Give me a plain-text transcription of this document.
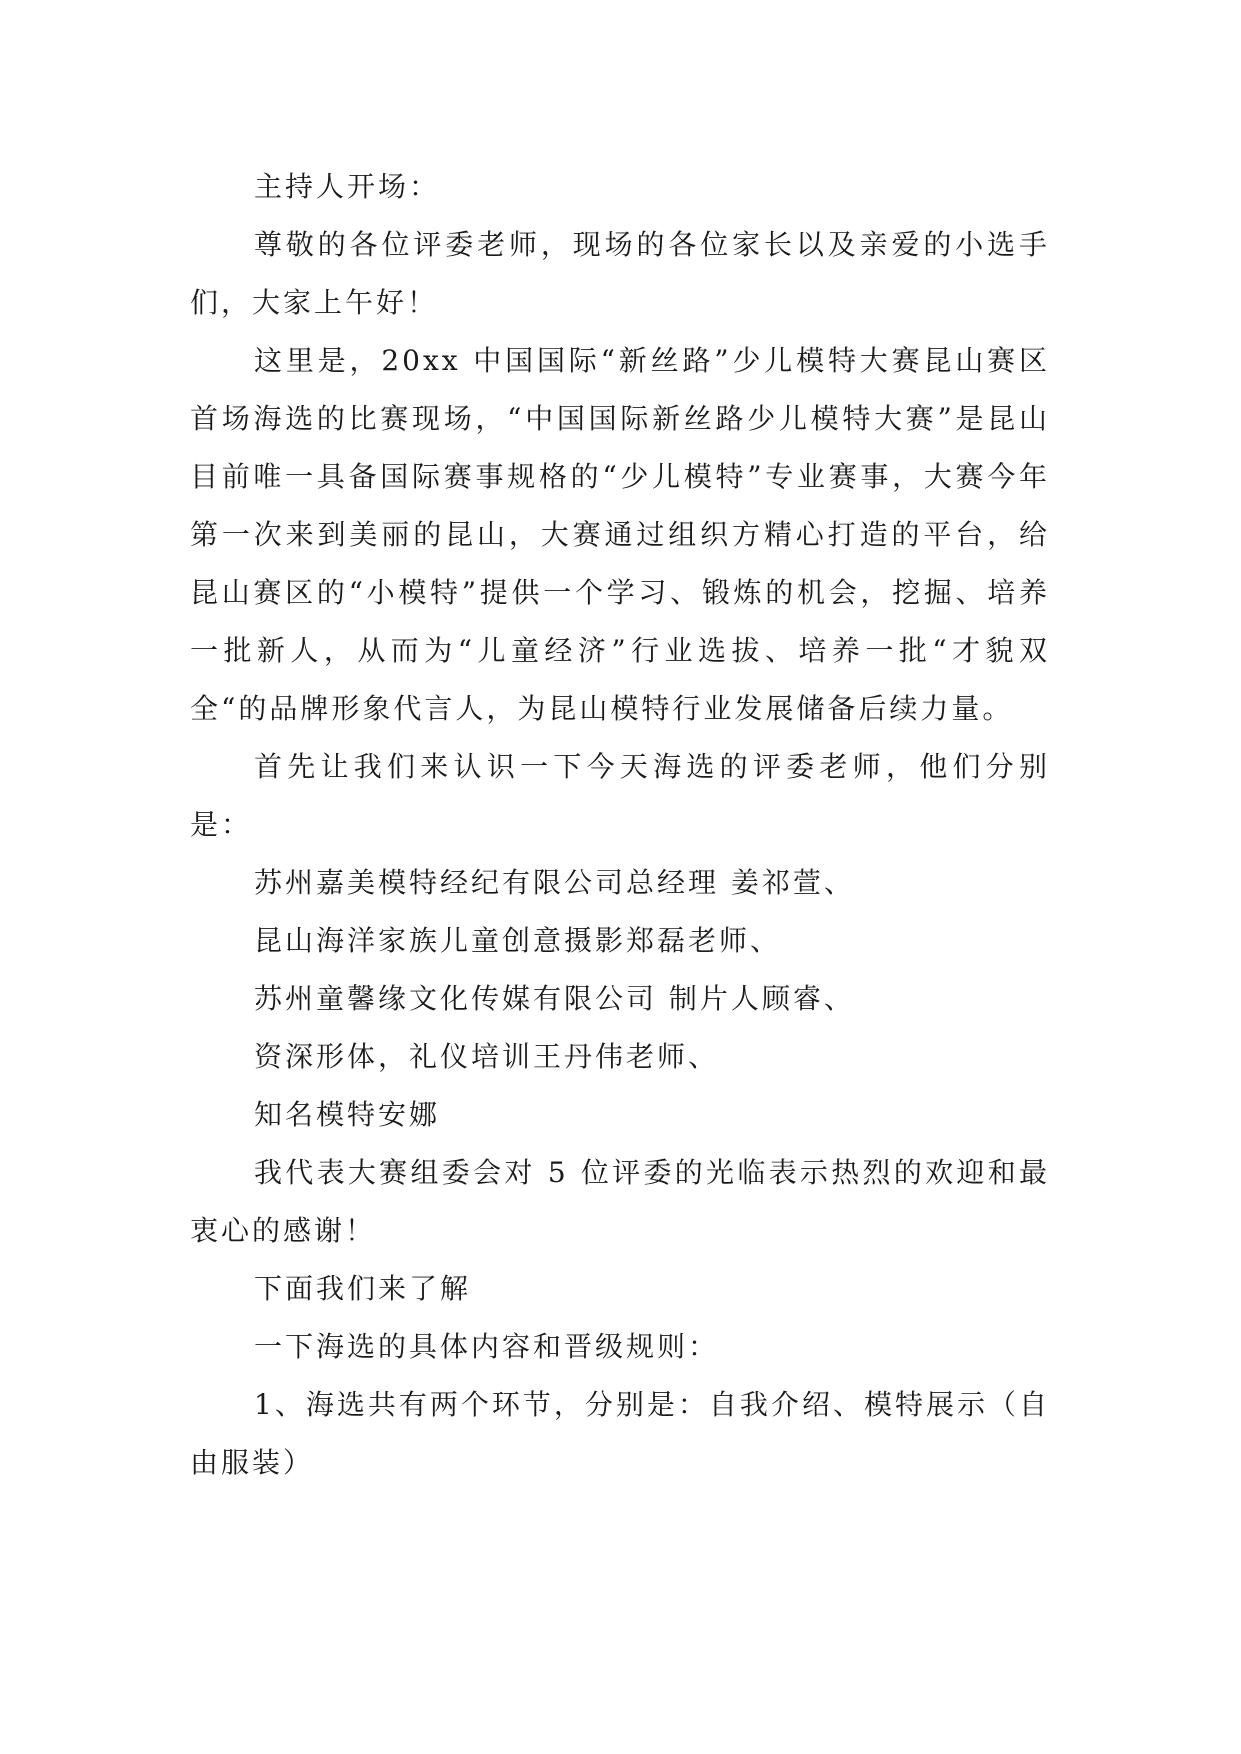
主持人开场：

尊敬的各位评委老师，现场的各位家长以及亲爱的小选手们，大家上午好！

这里是，20xx 中国国际“新丝路”少儿模特大赛昆山赛区首场海选的比赛现场，“中国国际新丝路少儿模特大赛”是昆山目前唯一具备国际赛事规格的“少儿模特”专业赛事，大赛今年第一次来到美丽的昆山，大赛通过组织方精心打造的平台，给昆山赛区的“小模特”提供一个学习、锻炼的机会，挖掘、培养一批新人，从而为“儿童经济”行业选拔、培养一批“才貌双全“的品牌形象代言人，为昆山模特行业发展储备后续力量。

首先让我们来认识一下今天海选的评委老师，他们分别是：

苏州嘉美模特经纪有限公司总经理 姜祁萱、

昆山海洋家族儿童创意摄影郑磊老师、

苏州童馨缘文化传媒有限公司 制片人顾睿、

资深形体，礼仪培训王丹伟老师、

知名模特安娜

我代表大赛组委会对 5 位评委的光临表示热烈的欢迎和最衷心的感谢！

下面我们来了解

一下海选的具体内容和晋级规则：

1、海选共有两个环节，分别是：自我介绍、模特展示（自由服装）
